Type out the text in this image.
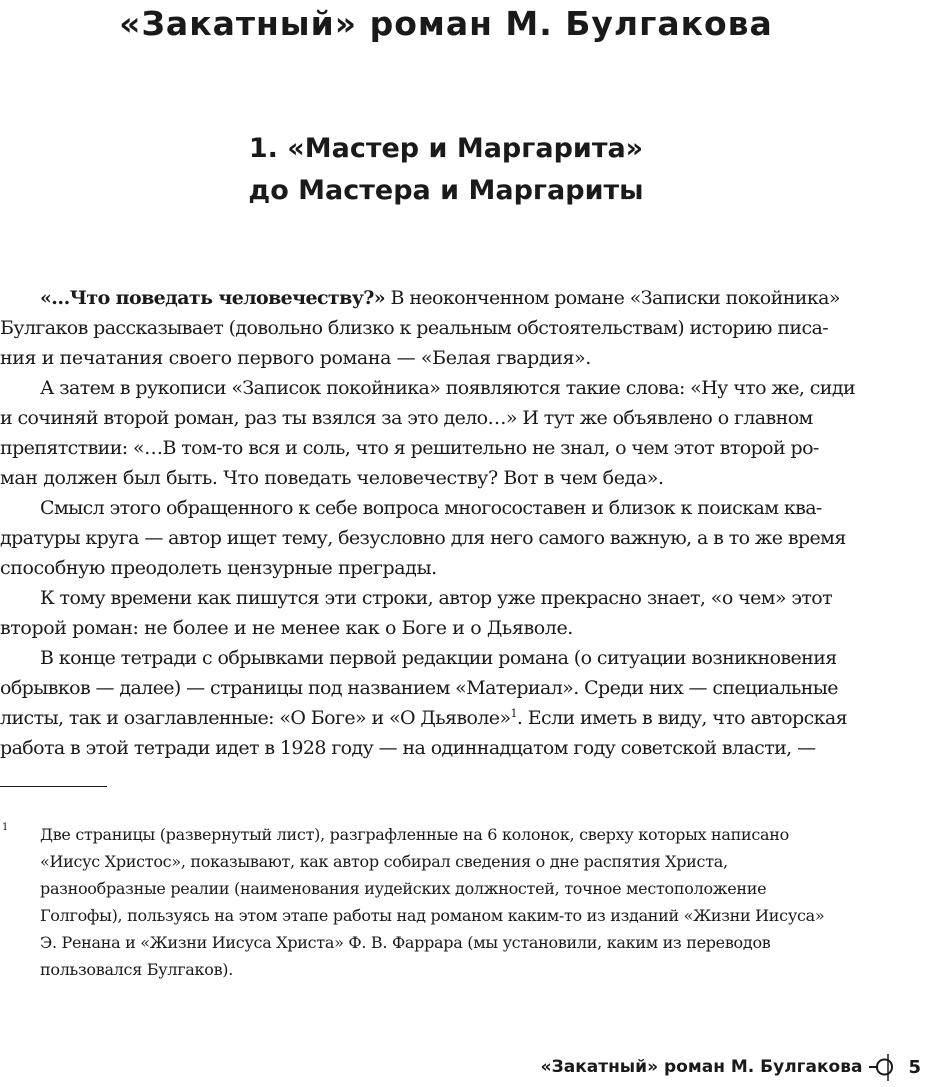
«Закатный» роман М. Булгакова
1. «Мастер и Маргарита»
до Мастера и Маргариты

«…Что поведать человечеству?» В неоконченном романе «Записки покойника»

Булгаков рассказывает (довольно близко к реальным обстоятельствам) историю писа-

ния и печатания своего первого романа — «Белая гвардия».

А затем в рукописи «Записок покойника» появляются такие слова: «Ну что же, сиди

и сочиняй второй роман, раз ты взялся за это дело…» И тут же объявлено о главном

препятствии: «…В том-то вся и соль, что я решительно не знал, о чем этот второй ро-

ман должен был быть. Что поведать человечеству? Вот в чем беда».

Смысл этого обращенного к себе вопроса многосоставен и близок к поискам ква-

дратуры круга — автор ищет тему, безусловно для него самого важную, а в то же время

способную преодолеть цензурные преграды.

К тому времени как пишутся эти строки, автор уже прекрасно знает, «о чем» этот

второй роман: не более и не менее как о Боге и о Дьяволе.

В конце тетради с обрывками первой редакции романа (о ситуации возникновения

обрывков — далее) — страницы под названием «Материал». Среди них — специальные

листы, так и озаглавленные: «О Боге» и «О Дьяволе»$^1$. Если иметь в виду, что авторская

работа в этой тетради идет в 1928 году — на одиннадцатом году советской власти, —

1 Две страницы (развернутый лист), разграфленные на 6 колонок, сверху которых написано
«Иисус Христос», показывают, как автор собирал сведения о дне распятия Христа,
разнообразные реалии (наименования иудейских должностей, точное местоположение
Голгофы), пользуясь на этом этапе работы над романом каким-то из изданий «Жизни Иисуса»
Э. Ренана и «Жизни Иисуса Христа» Ф. В. Фаррара (мы установили, каким из переводов
пользовался Булгаков).
«Закатный» роман М. Булгакова	5
